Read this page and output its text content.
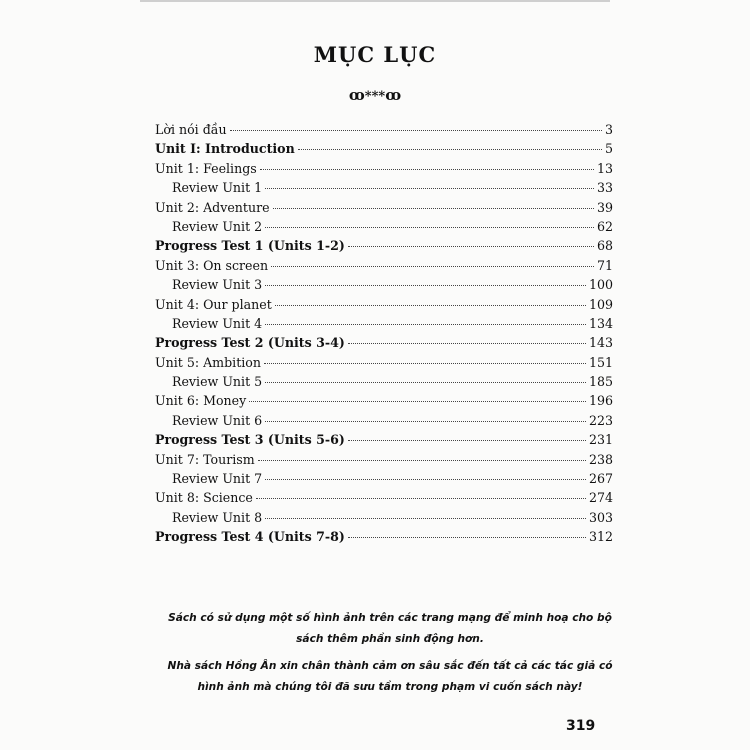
MỤC LỤC
ꝏ***ꝏ
Lời nói đầu	3
Unit I: Introduction	5
Unit 1: Feelings	13
Review Unit 1	33
Unit 2: Adventure	39
Review Unit 2	62
Progress Test 1 (Units 1-2)	68
Unit 3: On screen	71
Review Unit 3	100
Unit 4: Our planet	109
Review Unit 4	134
Progress Test 2 (Units 3-4)	143
Unit 5: Ambition	151
Review Unit 5	185
Unit 6: Money	196
Review Unit 6	223
Progress Test 3 (Units 5-6)	231
Unit 7: Tourism	238
Review Unit 7	267
Unit 8: Science	274
Review Unit 8	303
Progress Test 4 (Units 7-8)	312
Sách có sử dụng một số hình ảnh trên các trang mạng để minh hoạ cho bộ sách thêm phần sinh động hơn.
Nhà sách Hồng Ân xin chân thành cảm ơn sâu sắc đến tất cả các tác giả có hình ảnh mà chúng tôi đã sưu tầm trong phạm vi cuốn sách này!
319
